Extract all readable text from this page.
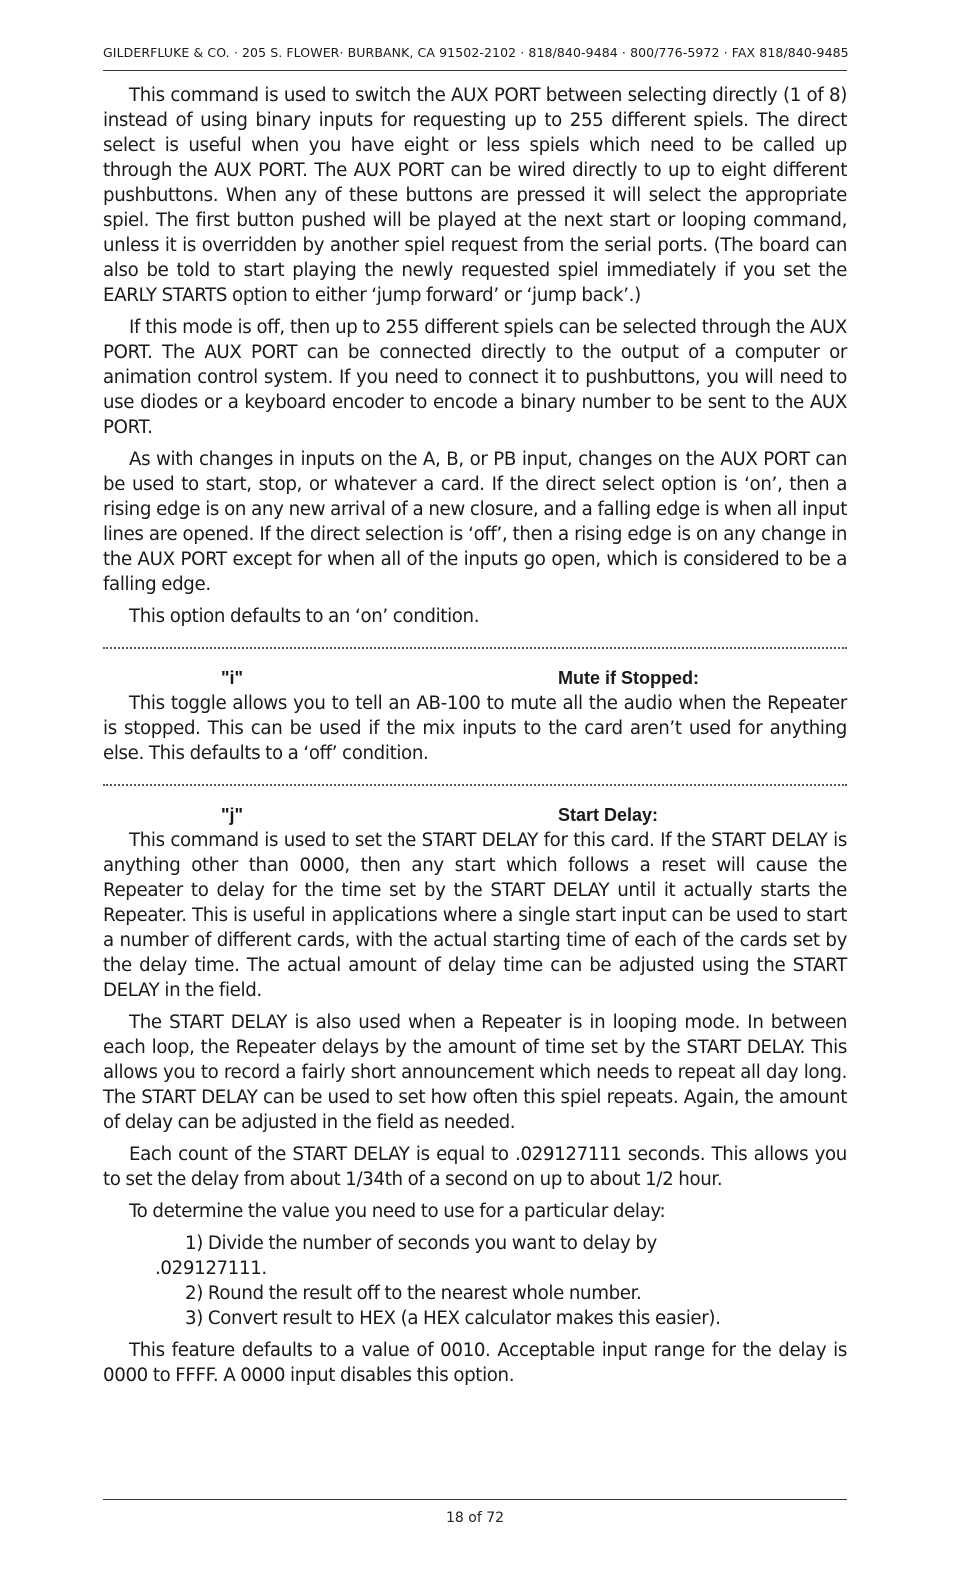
GILDERFLUKE & CO. · 205 S. FLOWER· BURBANK, CA 91502-2102 · 818/840-9484 · 800/776-5972 · FAX 818/840-9485

This command is used to switch the AUX PORT between selecting directly (1 of 8) instead of using binary inputs for requesting up to 255 different spiels. The direct select is useful when you have eight or less spiels which need to be called up through the AUX PORT. The AUX PORT can be wired directly to up to eight different pushbuttons. When any of these buttons are pressed it will select the appropriate spiel. The first button pushed will be played at the next start or looping command, unless it is overridden by another spiel request from the serial ports. (The board can also be told to start playing the newly requested spiel immediately if you set the EARLY STARTS option to either ‘jump forward’ or ‘jump back’.)

If this mode is off, then up to 255 different spiels can be selected through the AUX PORT. The AUX PORT can be connected directly to the output of a computer or animation control system. If you need to connect it to pushbuttons, you will need to use diodes or a keyboard encoder to encode a binary number to be sent to the AUX PORT.

As with changes in inputs on the A, B, or PB input, changes on the AUX PORT can be used to start, stop, or whatever a card. If the direct select option is ‘on’, then a rising edge is on any new arrival of a new closure, and a falling edge is when all input lines are opened. If the direct selection is ‘off’, then a rising edge is on any change in the AUX PORT except for when all of the inputs go open, which is considered to be a falling edge.

This option defaults to an ‘on’ condition.

"i"	Mute if Stopped:

This toggle allows you to tell an AB-100 to mute all the audio when the Repeater is stopped. This can be used if the mix inputs to the card aren’t used for anything else. This defaults to a ‘off’ condition.

"j"	Start Delay:

This command is used to set the START DELAY for this card. If the START DELAY is anything other than 0000, then any start which follows a reset will cause the Repeater to delay for the time set by the START DELAY until it actually starts the Repeater. This is useful in applications where a single start input can be used to start a number of different cards, with the actual starting time of each of the cards set by the delay time. The actual amount of delay time can be adjusted using the START DELAY in the field.

The START DELAY is also used when a Repeater is in looping mode. In between each loop, the Repeater delays by the amount of time set by the START DELAY. This allows you to record a fairly short announcement which needs to repeat all day long. The START DELAY can be used to set how often this spiel repeats. Again, the amount of delay can be adjusted in the field as needed.

Each count of the START DELAY is equal to .029127111 seconds. This allows you to set the delay from about 1/34th of a second on up to about 1/2 hour.

To determine the value you need to use for a particular delay:

1) Divide the number of seconds you want to delay by
.029127111.
2) Round the result off to the nearest whole number.
3) Convert result to HEX (a HEX calculator makes this easier).

This feature defaults to a value of 0010. Acceptable input range for the delay is 0000 to FFFF. A 0000 input disables this option.

18 of 72
